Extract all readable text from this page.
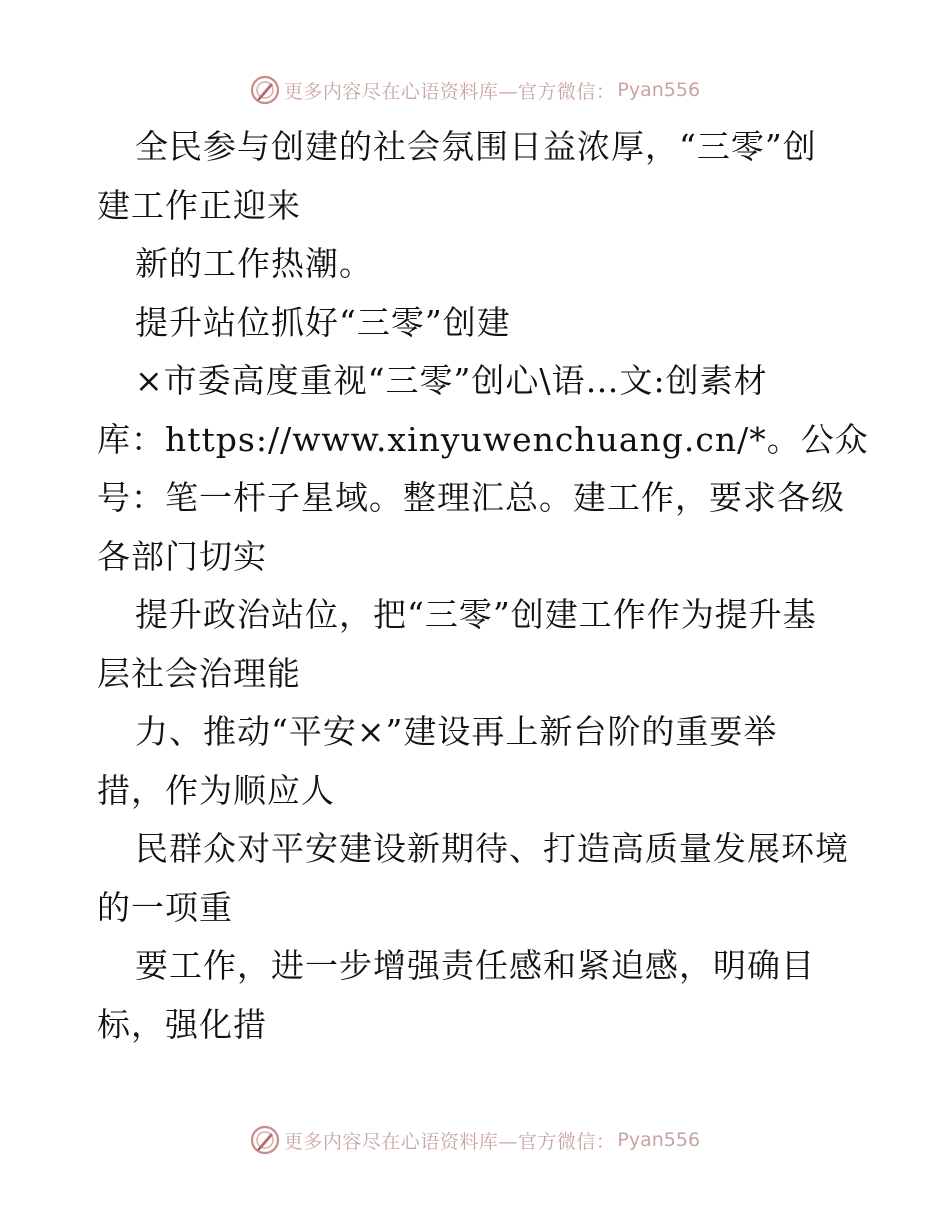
更多内容尽在心语资料库—官方微信： Pyan556
全民参与创建的社会氛围日益浓厚，“三零”创
建工作正迎来
新的工作热潮。
提升站位抓好“三零”创建
×市委高度重视“三零”创心\语…文:创素材
库：https://www.xinyuwenchuang.cn/*。公众
号：笔一杆子星域。整理汇总。建工作，要求各级
各部门切实
提升政治站位，把“三零”创建工作作为提升基
层社会治理能
力、推动“平安×”建设再上新台阶的重要举
措，作为顺应人
民群众对平安建设新期待、打造高质量发展环境
的一项重
要工作，进一步增强责任感和紧迫感，明确目
标，强化措
更多内容尽在心语资料库—官方微信： Pyan556
